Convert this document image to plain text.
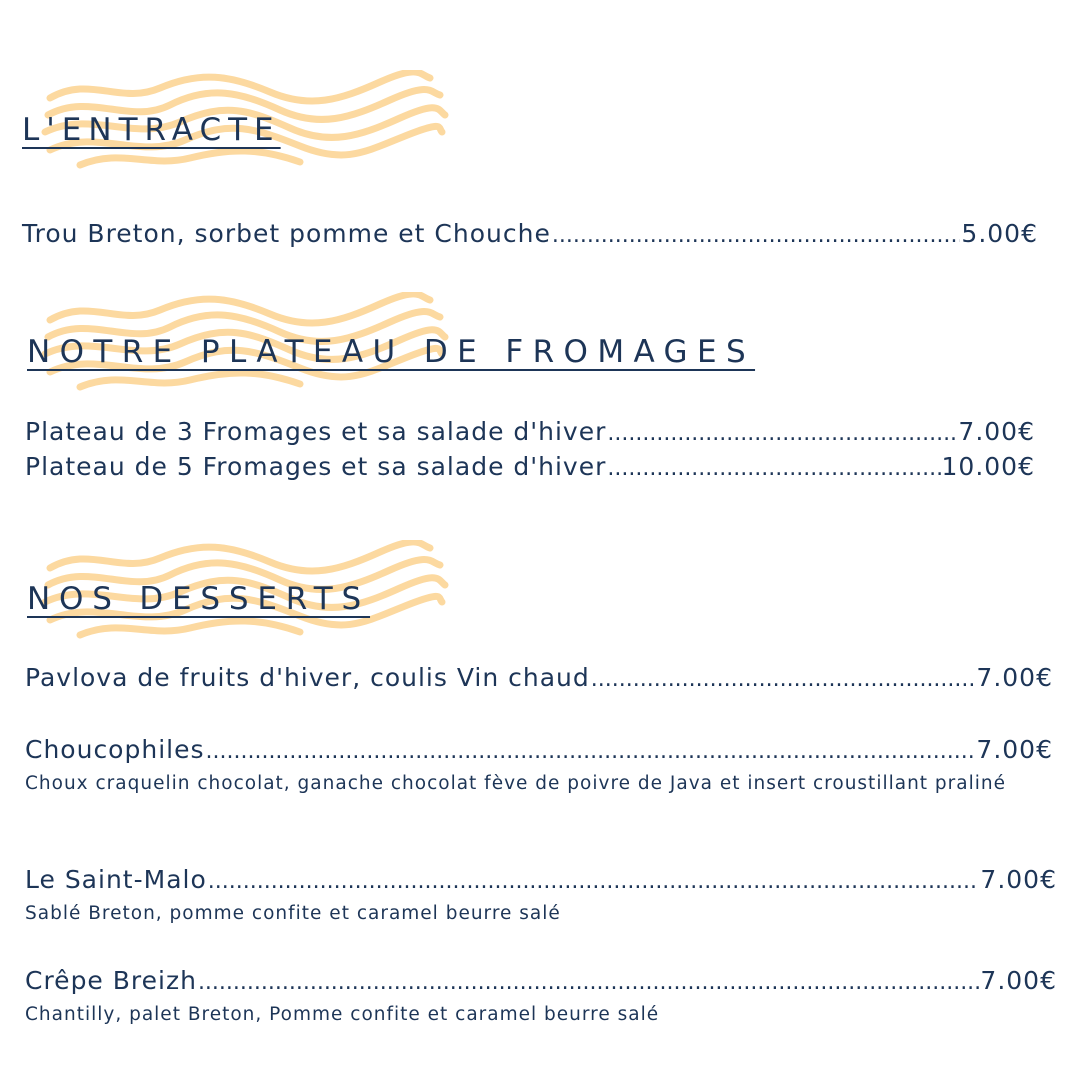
L'ENTRACTE
Trou Breton, sorbet pomme et Chouche .....	5.00€
NOTRE PLATEAU DE FROMAGES
Plateau de 3 Fromages et sa salade d'hiver .....	7.00€
Plateau de 5 Fromages et sa salade d'hiver .....	10.00€
NOS DESSERTS
Pavlova de fruits d'hiver, coulis Vin chaud .....	7.00€
Choucophiles .....	7.00€
Choux craquelin chocolat, ganache chocolat fève de poivre de Java et insert croustillant praliné
Le Saint-Malo .....	7.00€
Sablé Breton, pomme confite et caramel beurre salé
Crêpe Breizh .....	7.00€
Chantilly, palet Breton, Pomme confite et caramel beurre salé
